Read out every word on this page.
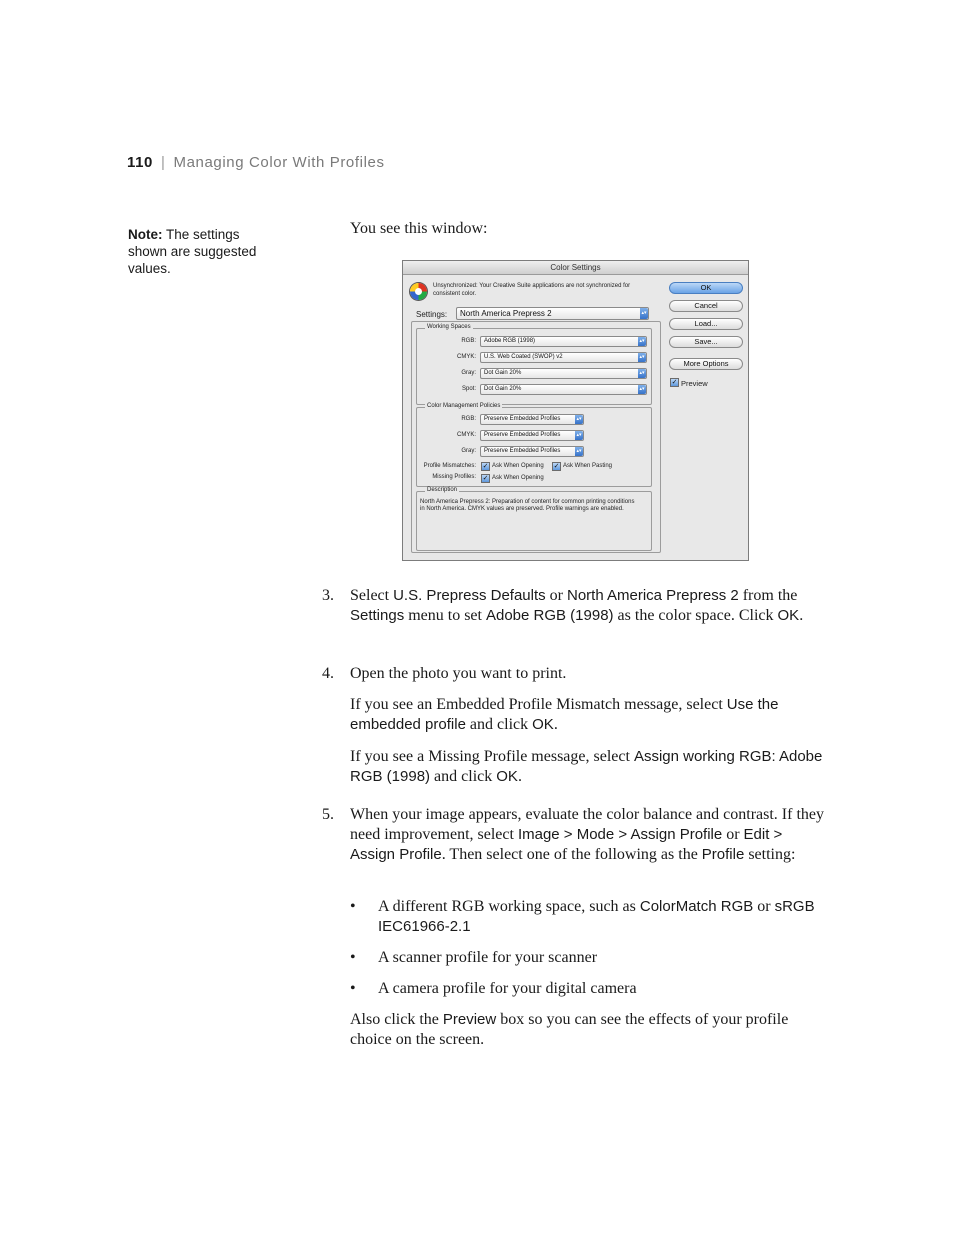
110 | Managing Color With Profiles
Note: The settings shown are suggested values.
You see this window:
Color Settings
Unsynchronized: Your Creative Suite applications are not synchronized for consistent color.
Settings:	North America Prepress 2	▴▾
Working Spaces
RGB:	Adobe RGB (1998)	▴▾
CMYK:	U.S. Web Coated (SWOP) v2	▴▾
Gray:	Dot Gain 20%	▴▾
Spot:	Dot Gain 20%	▴▾
Color Management Policies
RGB:	Preserve Embedded Profiles	▴▾
CMYK:	Preserve Embedded Profiles	▴▾
Gray:	Preserve Embedded Profiles	▴▾
Profile Mismatches: ✓ Ask When Opening ✓ Ask When Pasting
Missing Profiles: ✓ Ask When Opening
Description
North America Prepress 2: Preparation of content for common printing conditions in North America. CMYK values are preserved. Profile warnings are enabled.
OK
Cancel
Load...
Save...
More Options
✓ Preview
3. Select U.S. Prepress Defaults or North America Prepress 2 from the Settings menu to set Adobe RGB (1998) as the color space. Click OK.
4. Open the photo you want to print.
If you see an Embedded Profile Mismatch message, select Use the embedded profile and click OK.
If you see a Missing Profile message, select Assign working RGB: Adobe RGB (1998) and click OK.
5. When your image appears, evaluate the color balance and contrast. If they need improvement, select Image > Mode > Assign Profile or Edit > Assign Profile. Then select one of the following as the Profile setting:
• A different RGB working space, such as ColorMatch RGB or sRGB IEC61966-2.1
• A scanner profile for your scanner
• A camera profile for your digital camera
Also click the Preview box so you can see the effects of your profile choice on the screen.
